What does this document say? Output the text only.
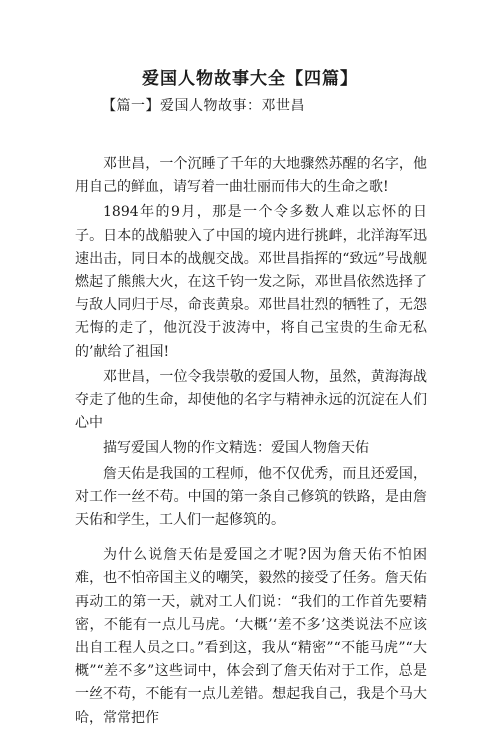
爱国人物故事大全【四篇】
【篇一】爱国人物故事：邓世昌

邓世昌，一个沉睡了千年的大地骤然苏醒的名字，他用自己的鲜血，请写着一曲壮丽而伟大的生命之歌!

1894年的9月，那是一个令多数人难以忘怀的日子。日本的战船驶入了中国的境内进行挑衅，北洋海军迅速出击，同日本的战舰交战。邓世昌指挥的“致远”号战舰燃起了熊熊大火，在这千钧一发之际，邓世昌依然选择了与敌人同归于尽，命丧黄泉。邓世昌壮烈的牺牲了，无怨无悔的走了，他沉没于波涛中，将自己宝贵的生命无私的’献给了祖国!

邓世昌，一位令我崇敬的爱国人物，虽然，黄海海战夺走了他的生命，却使他的名字与精神永远的沉淀在人们心中

描写爱国人物的作文精选：爱国人物詹天佑

詹天佑是我国的工程师，他不仅优秀，而且还爱国，对工作一丝不苟。中国的第一条自己修筑的铁路，是由詹天佑和学生，工人们一起修筑的。

为什么说詹天佑是爱国之才呢?因为詹天佑不怕困难，也不怕帝国主义的嘲笑，毅然的接受了任务。詹天佑再动工的第一天，就对工人们说：“我们的工作首先要精密，不能有一点儿马虎。‘大概’‘差不多’这类说法不应该出自工程人员之口。”看到这，我从“精密”“不能马虎”“大概”“差不多”这些词中，体会到了詹天佑对于工作，总是一丝不苟，不能有一点儿差错。想起我自己，我是个马大哈，常常把作
